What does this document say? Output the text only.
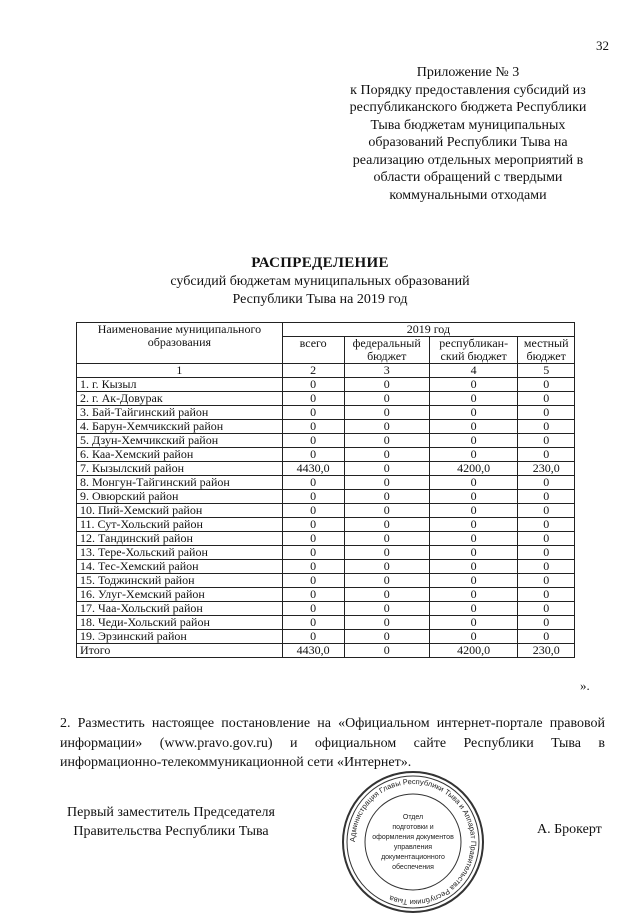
32
Приложение № 3
к Порядку предоставления субсидий из
республиканского бюджета Республики
Тыва бюджетам муниципальных
образований Республики Тыва на
реализацию отдельных мероприятий в
области обращений с твердыми
коммунальными отходами
РАСПРЕДЕЛЕНИЕ
субсидий бюджетам муниципальных образований
Республики Тыва на 2019 год
Наименование муниципального образования	2019 год			
	всего	федеральный бюджет	республикан-ский бюджет	местный бюджет
1	2	3	4	5
1. г. Кызыл	0	0	0	0
2. г. Ак-Довурак	0	0	0	0
3. Бай-Тайгинский район	0	0	0	0
4. Барун-Хемчикский район	0	0	0	0
5. Дзун-Хемчикский район	0	0	0	0
6. Каа-Хемский район	0	0	0	0
7. Кызылский район	4430,0	0	4200,0	230,0
8. Монгун-Тайгинский район	0	0	0	0
9. Овюрский район	0	0	0	0
10. Пий-Хемский район	0	0	0	0
11. Сут-Хольский район	0	0	0	0
12. Тандинский район	0	0	0	0
13. Тере-Хольский район	0	0	0	0
14. Тес-Хемский район	0	0	0	0
15. Тоджинский район	0	0	0	0
16. Улуг-Хемский район	0	0	0	0
17. Чаа-Хольский район	0	0	0	0
18. Чеди-Хольский район	0	0	0	0
19. Эрзинский район	0	0	0	0
Итого	4430,0	0	4200,0	230,0
».
2. Разместить настоящее постановление на «Официальном интернет-портале правовой информации» (www.pravo.gov.ru) и официальном сайте Республики Тыва в информационно-телекоммуникационной сети «Интернет».
Первый заместитель Председателя
Правительства Республики Тыва
Администрация Главы Республики Тыва и Аппарат Правительства Республики Тыва
Отдел
подготовки и
оформления документов
управления
документационного
обеспечения
А. Брокерт
